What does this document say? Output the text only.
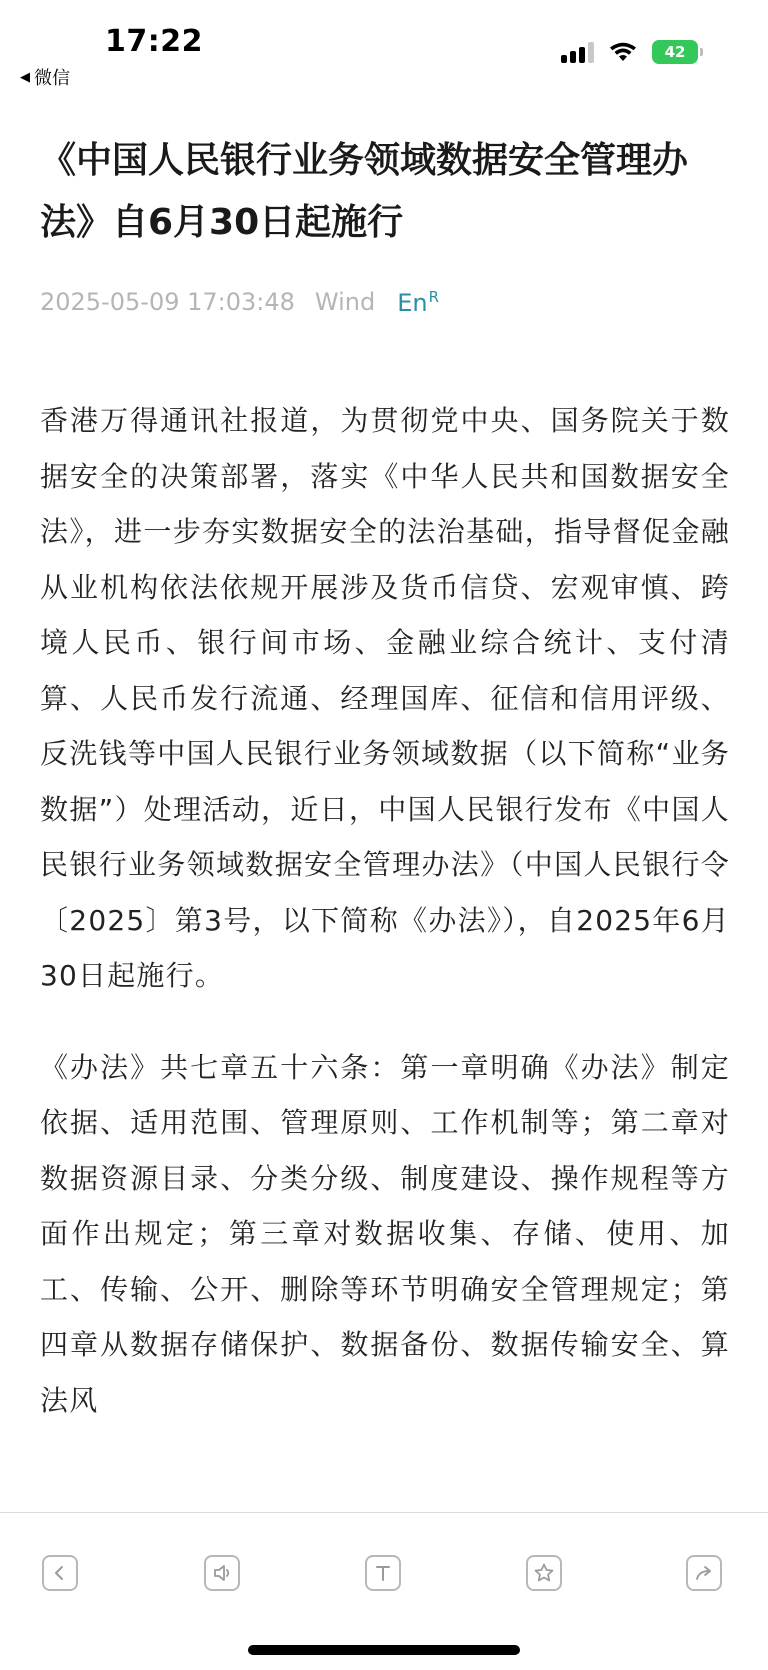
17:22
◀ 微信
42
《中国人民银行业务领域数据安全管理办法》自6月30日起施行
2025-05-09 17:03:48 Wind $En^R$

香港万得通讯社报道，为贯彻党中央、国务院关于数据安全的决策部署，落实《中华人民共和国数据安全法》，进一步夯实数据安全的法治基础，指导督促金融从业机构依法依规开展涉及货币信贷、宏观审慎、跨境人民币、银行间市场、金融业综合统计、支付清算、人民币发行流通、经理国库、征信和信用评级、反洗钱等中国人民银行业务领域数据（以下简称“业务数据”）处理活动，近日，中国人民银行发布《中国人民银行业务领域数据安全管理办法》（中国人民银行令〔2025〕第3号，以下简称《办法》），自2025年6月30日起施行。

《办法》共七章五十六条：第一章明确《办法》制定依据、适用范围、管理原则、工作机制等；第二章对数据资源目录、分类分级、制度建设、操作规程等方面作出规定；第三章对数据收集、存储、使用、加工、传输、公开、删除等环节明确安全管理规定；第四章从数据存储保护、数据备份、数据传输安全、算法风
